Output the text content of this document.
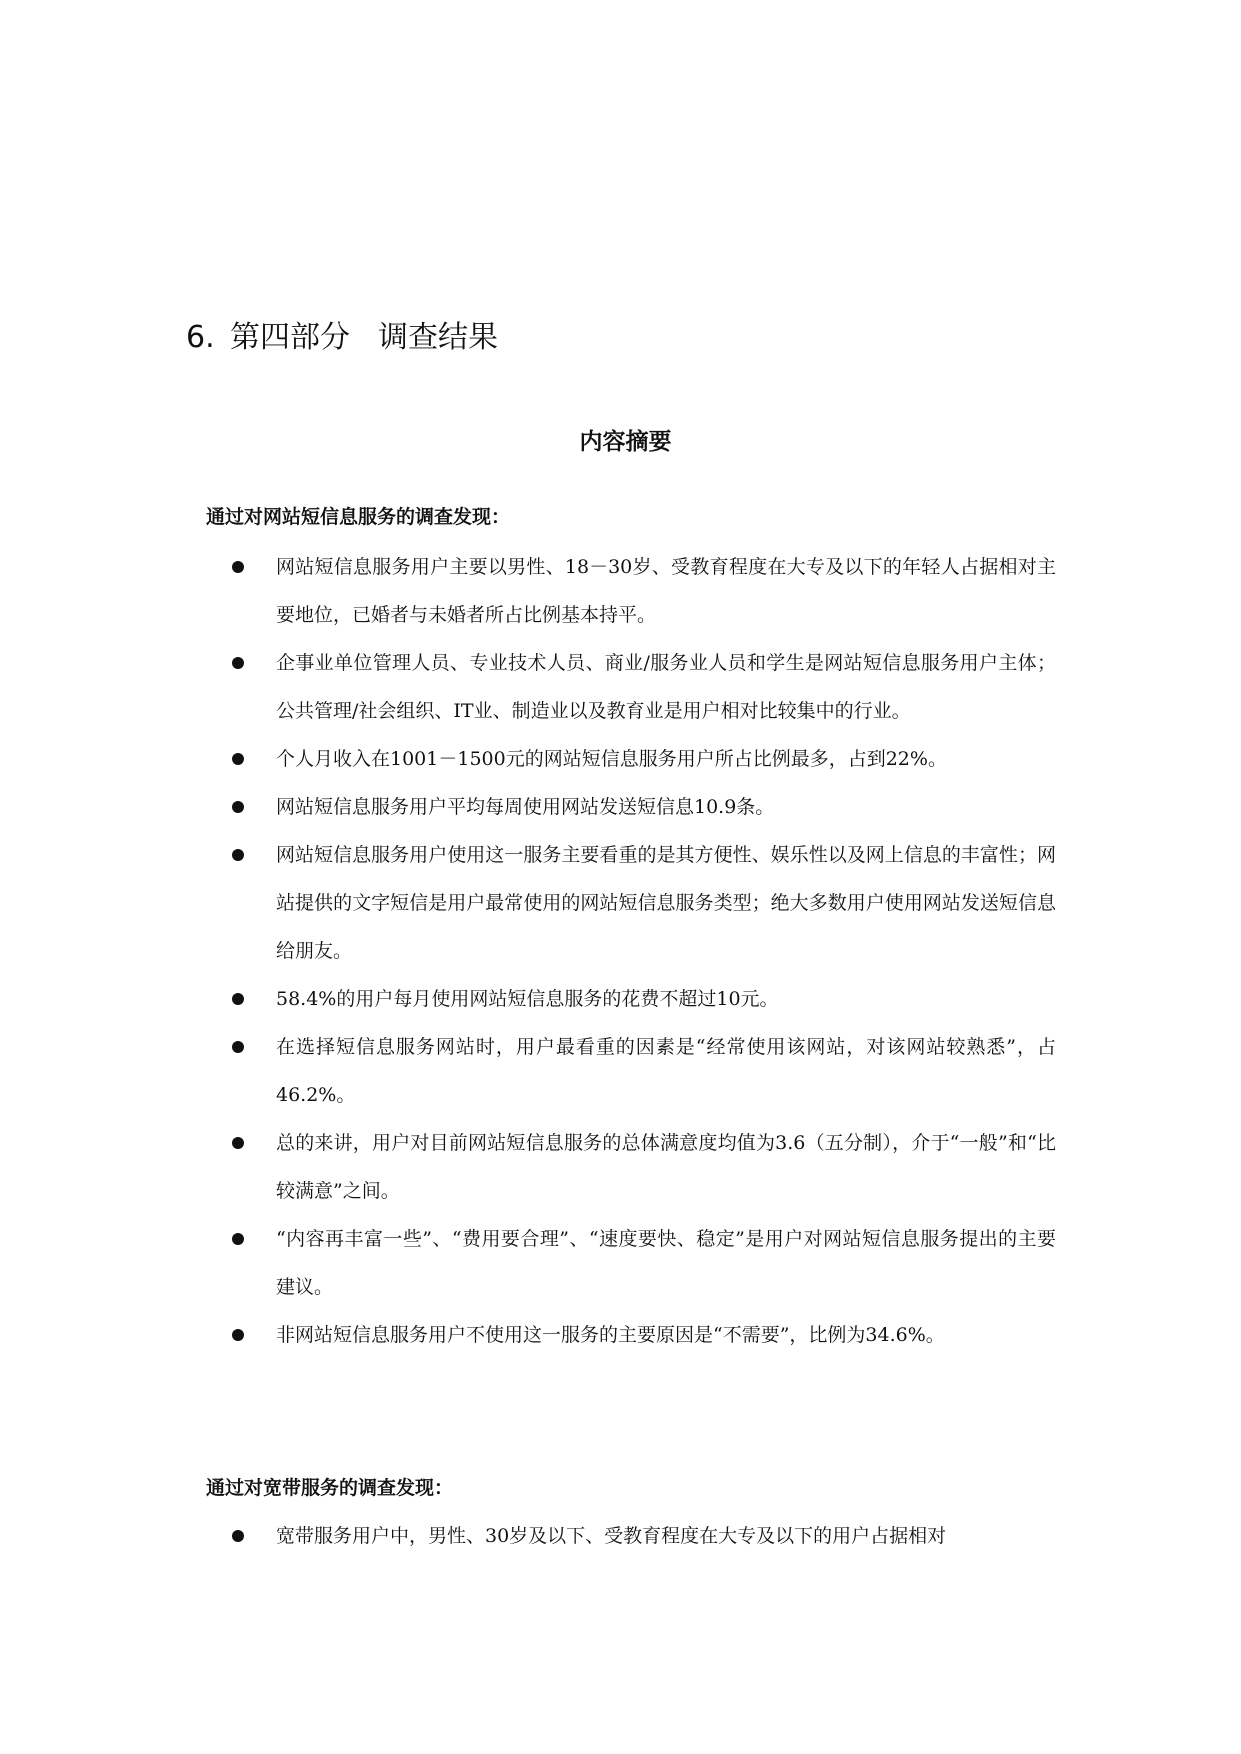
6. 第四部分 调查结果
内容摘要
通过对网站短信息服务的调查发现：
网站短信息服务用户主要以男性、18－30岁、受教育程度在大专及以下的年轻人占据相对主要地位，已婚者与未婚者所占比例基本持平。
企事业单位管理人员、专业技术人员、商业/服务业人员和学生是网站短信息服务用户主体；公共管理/社会组织、IT业、制造业以及教育业是用户相对比较集中的行业。
个人月收入在1001－1500元的网站短信息服务用户所占比例最多，占到22%。
网站短信息服务用户平均每周使用网站发送短信息10.9条。
网站短信息服务用户使用这一服务主要看重的是其方便性、娱乐性以及网上信息的丰富性；网站提供的文字短信是用户最常使用的网站短信息服务类型；绝大多数用户使用网站发送短信息给朋友。
58.4%的用户每月使用网站短信息服务的花费不超过10元。
在选择短信息服务网站时，用户最看重的因素是“经常使用该网站，对该网站较熟悉”，占46.2%。
总的来讲，用户对目前网站短信息服务的总体满意度均值为3.6（五分制），介于“一般”和“比较满意”之间。
“内容再丰富一些”、“费用要合理”、“速度要快、稳定”是用户对网站短信息服务提出的主要建议。
非网站短信息服务用户不使用这一服务的主要原因是“不需要”，比例为34.6%。
通过对宽带服务的调查发现：
宽带服务用户中，男性、30岁及以下、受教育程度在大专及以下的用户占据相对
